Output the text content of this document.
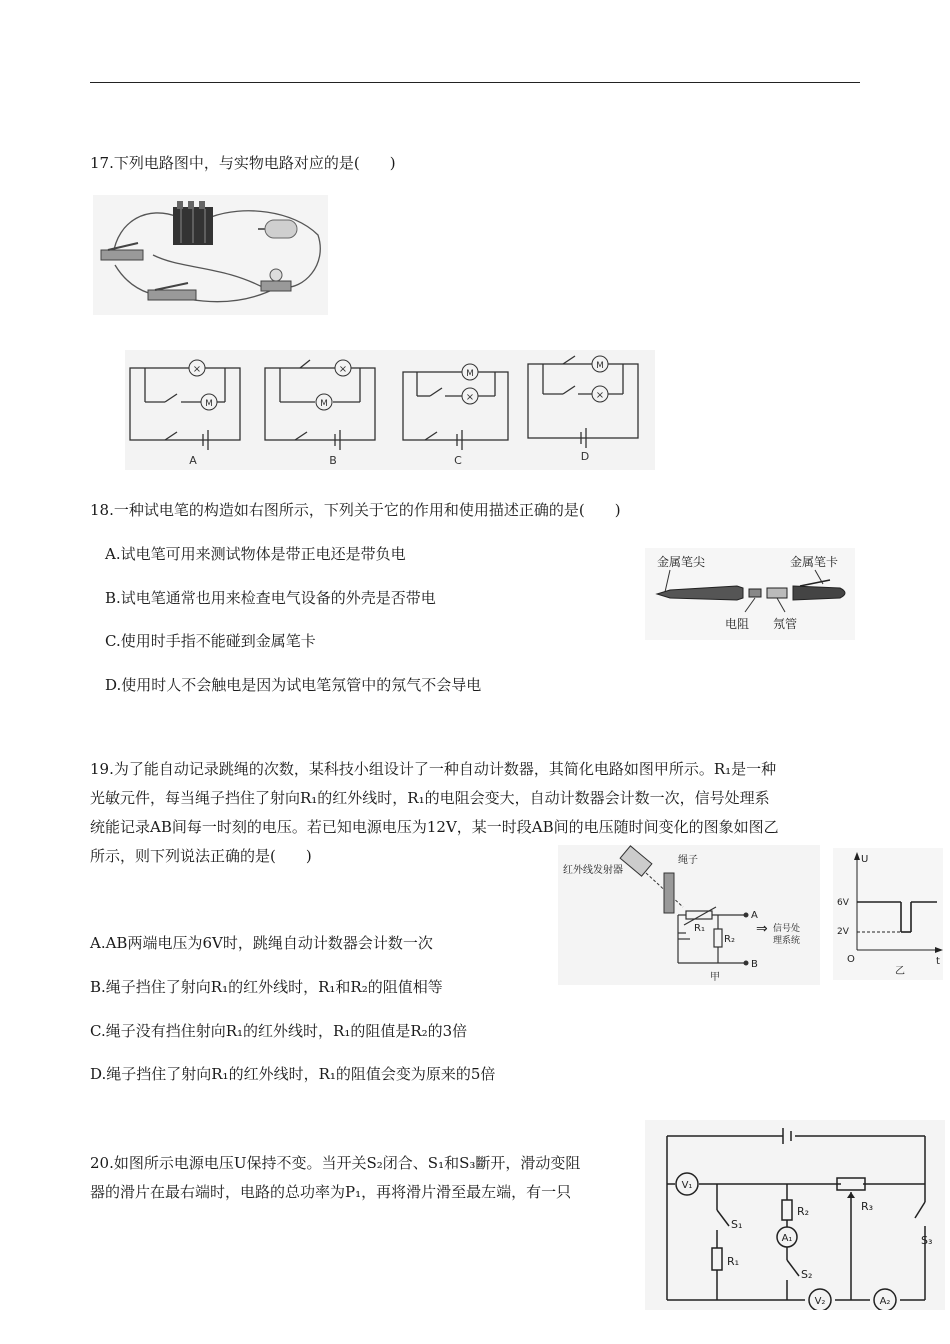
17.下列电路图中，与实物电路对应的是(　　)
×
M
A
×
M
B
M
×
C
M
×
D
18.一种试电笔的构造如右图所示，下列关于它的作用和使用描述正确的是(　　)
A.试电笔可用来测试物体是带正电还是带负电
B.试电笔通常也用来检查电气设备的外壳是否带电
C.使用时手指不能碰到金属笔卡
D.使用时人不会触电是因为试电笔氖管中的氖气不会导电
金属笔尖	金属笔卡
电阻 氖管
19.为了能自动记录跳绳的次数，某科技小组设计了一种自动计数器，其简化电路如图甲所示。R₁是一种
光敏元件，每当绳子挡住了射向R₁的红外线时，R₁的电阻会变大，自动计数器会计数一次，信号处理系
统能记录AB间每一时刻的电压。若已知电源电压为12V，某一时段AB间的电压随时间变化的图象如图乙
所示，则下列说法正确的是(　　)
红外线发射器
绳子
R₁
R₂
A
B
⇒ 信号处
理系统
甲
U
t
O
6V
2V
乙
A.AB两端电压为6V时，跳绳自动计数器会计数一次
B.绳子挡住了射向R₁的红外线时，R₁和R₂的阻值相等
C.绳子没有挡住射向R₁的红外线时，R₁的阻值是R₂的3倍
D.绳子挡住了射向R₁的红外线时，R₁的阻值会变为原来的5倍
20.如图所示电源电压U保持不变。当开关S₂闭合、S₁和S₃斷开，滑动变阻
器的滑片在最右端时，电路的总功率为P₁，再将滑片滑至最左端，有一只	V₁
A₁
V₂	A₂
S₁
R₁
R₂
S₂
R₃
S₃
